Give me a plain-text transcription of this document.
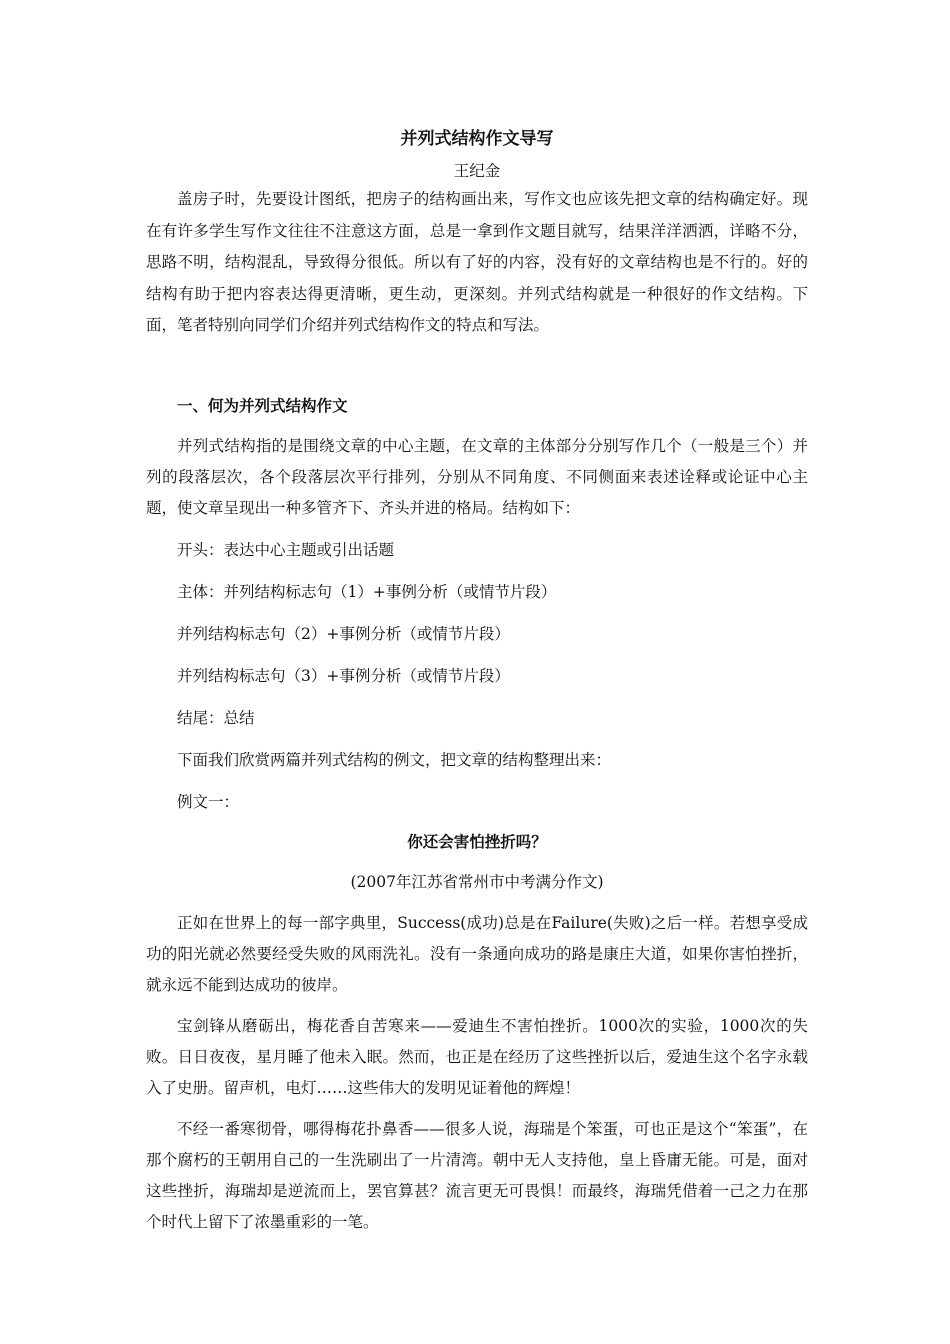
并列式结构作文导写

王纪金

盖房子时，先要设计图纸，把房子的结构画出来，写作文也应该先把文章的结构确定好。现在有许多学生写作文往往不注意这方面，总是一拿到作文题目就写，结果洋洋洒洒，详略不分，思路不明，结构混乱，导致得分很低。所以有了好的内容，没有好的文章结构也是不行的。好的结构有助于把内容表达得更清晰，更生动，更深刻。并列式结构就是一种很好的作文结构。下面，笔者特别向同学们介绍并列式结构作文的特点和写法。

一、何为并列式结构作文

并列式结构指的是围绕文章的中心主题，在文章的主体部分分别写作几个（一般是三个）并列的段落层次，各个段落层次平行排列，分别从不同角度、不同侧面来表述诠释或论证中心主题，使文章呈现出一种多管齐下、齐头并进的格局。结构如下：

开头：表达中心主题或引出话题

主体：并列结构标志句（1）+事例分析（或情节片段）

并列结构标志句（2）+事例分析（或情节片段）

并列结构标志句（3）+事例分析（或情节片段）

结尾：总结

下面我们欣赏两篇并列式结构的例文，把文章的结构整理出来：

例文一：

你还会害怕挫折吗？

(2007年江苏省常州市中考满分作文)

正如在世界上的每一部字典里，Success(成功)总是在Failure(失败)之后一样。若想享受成功的阳光就必然要经受失败的风雨洗礼。没有一条通向成功的路是康庄大道，如果你害怕挫折，就永远不能到达成功的彼岸。

宝剑锋从磨砺出，梅花香自苦寒来——爱迪生不害怕挫折。1000次的实验，1000次的失败。日日夜夜，星月睡了他未入眠。然而，也正是在经历了这些挫折以后，爱迪生这个名字永载入了史册。留声机，电灯……这些伟大的发明见证着他的辉煌！

不经一番寒彻骨，哪得梅花扑鼻香——很多人说，海瑞是个笨蛋，可也正是这个“笨蛋”，在那个腐朽的王朝用自己的一生洗刷出了一片清湾。朝中无人支持他，皇上昏庸无能。可是，面对这些挫折，海瑞却是逆流而上，罢官算甚？流言更无可畏惧！而最终，海瑞凭借着一己之力在那个时代上留下了浓墨重彩的一笔。
